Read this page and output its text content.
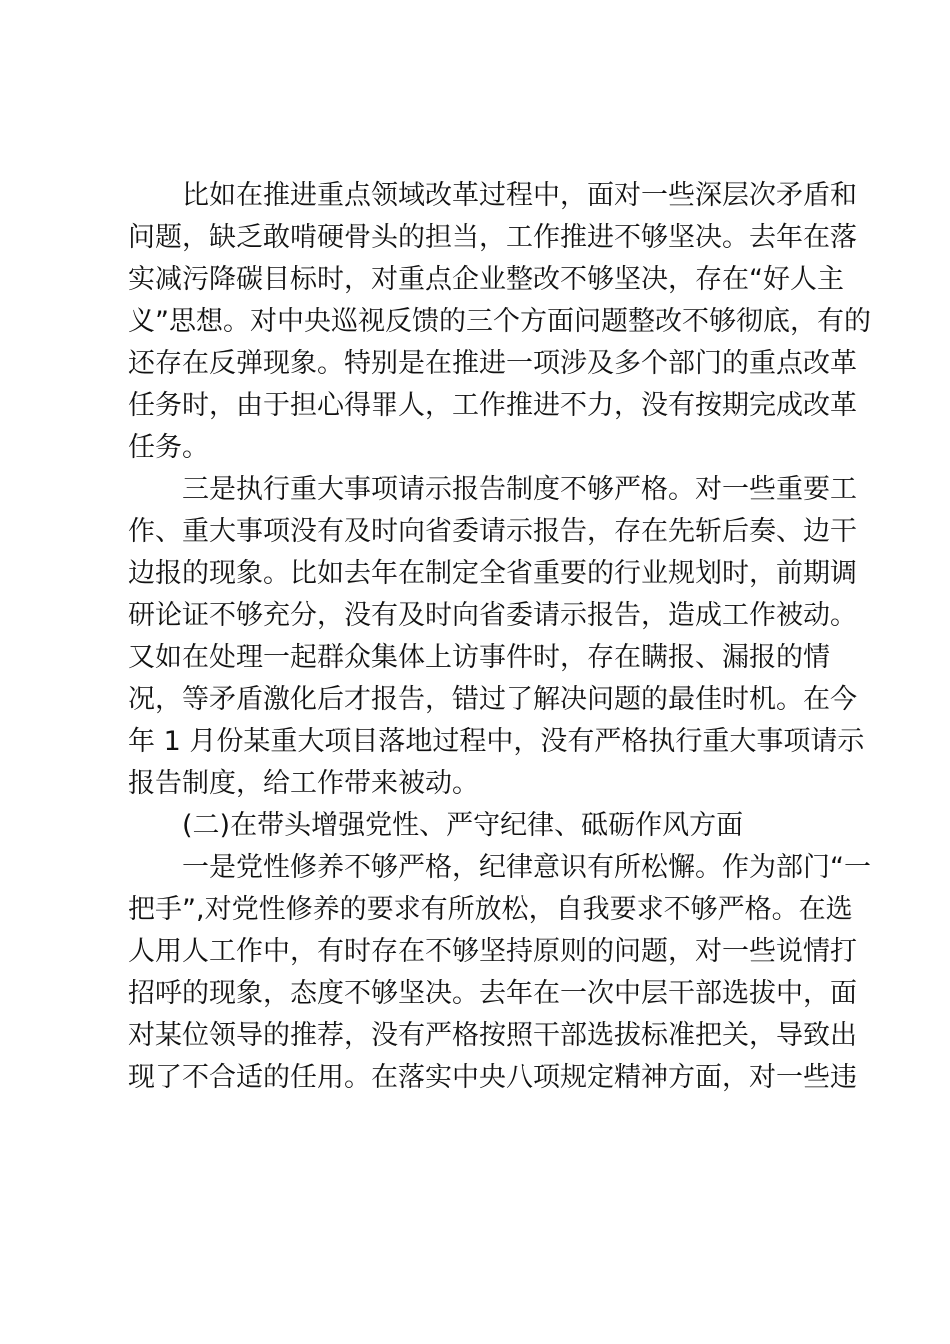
比如在推进重点领域改革过程中，面对一些深层次矛盾和
问题，缺乏敢啃硬骨头的担当，工作推进不够坚决。去年在落
实减污降碳目标时，对重点企业整改不够坚决，存在“好人主
义”思想。对中央巡视反馈的三个方面问题整改不够彻底，有的
还存在反弹现象。特别是在推进一项涉及多个部门的重点改革
任务时，由于担心得罪人，工作推进不力，没有按期完成改革
任务。
三是执行重大事项请示报告制度不够严格。对一些重要工
作、重大事项没有及时向省委请示报告，存在先斩后奏、边干
边报的现象。比如去年在制定全省重要的行业规划时，前期调
研论证不够充分，没有及时向省委请示报告，造成工作被动。
又如在处理一起群众集体上访事件时，存在瞒报、漏报的情
况，等矛盾激化后才报告，错过了解决问题的最佳时机。在今
年 1 月份某重大项目落地过程中，没有严格执行重大事项请示
报告制度，给工作带来被动。
(二)在带头增强党性、严守纪律、砥砺作风方面
一是党性修养不够严格，纪律意识有所松懈。作为部门“一
把手”,对党性修养的要求有所放松，自我要求不够严格。在选
人用人工作中，有时存在不够坚持原则的问题，对一些说情打
招呼的现象，态度不够坚决。去年在一次中层干部选拔中，面
对某位领导的推荐，没有严格按照干部选拔标准把关，导致出
现了不合适的任用。在落实中央八项规定精神方面，对一些违
